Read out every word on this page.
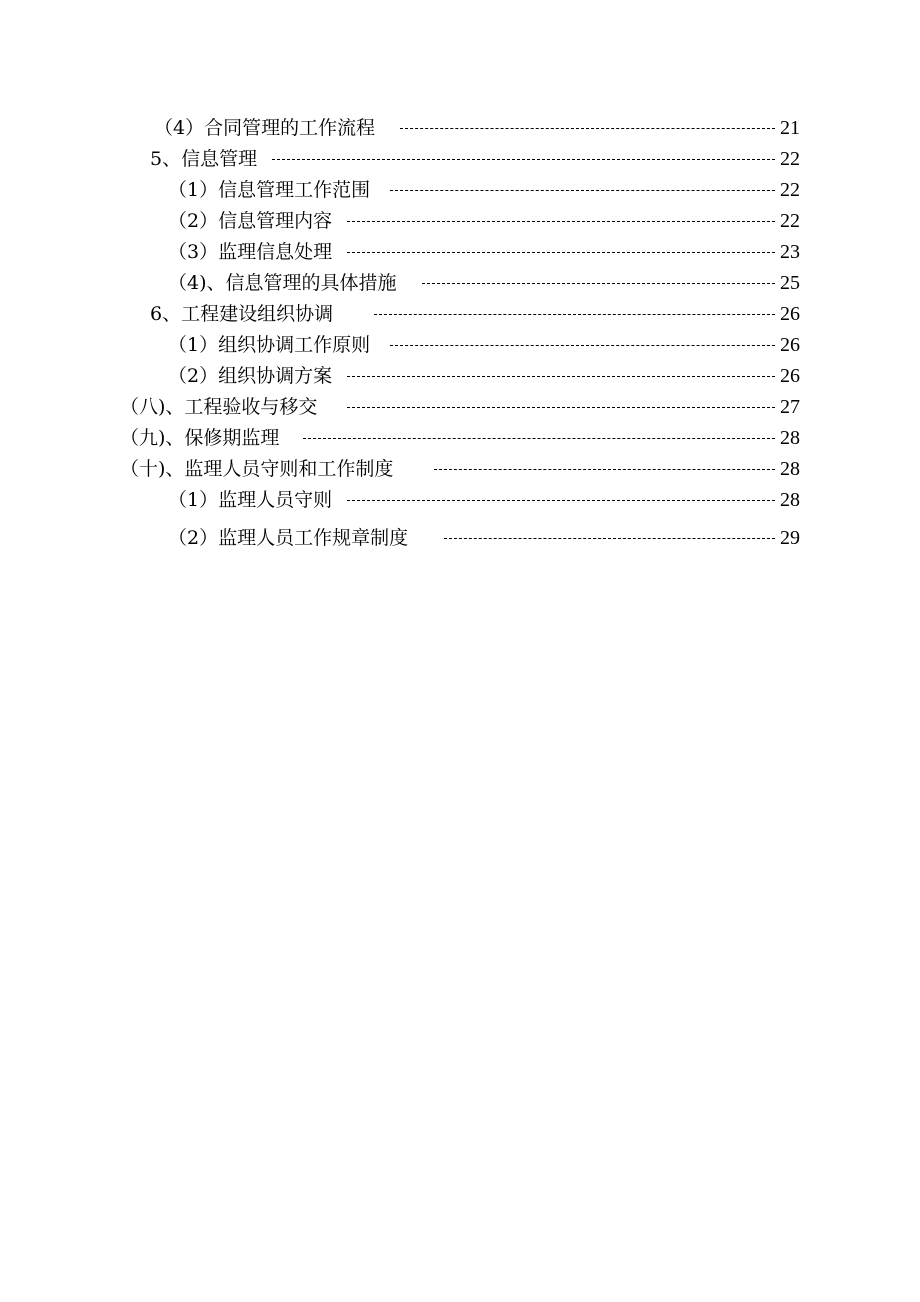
（4）合同管理的工作流程	21
5、信息管理	22
（1）信息管理工作范围	22
（2）信息管理内容	22
（3）监理信息处理	23
（4)、信息管理的具体措施	25
6、工程建设组织协调	26
（1）组织协调工作原则	26
（2）组织协调方案	26
（八)、工程验收与移交	27
（九)、保修期监理	28
（十)、监理人员守则和工作制度	28
（1）监理人员守则	28
（2）监理人员工作规章制度	29
